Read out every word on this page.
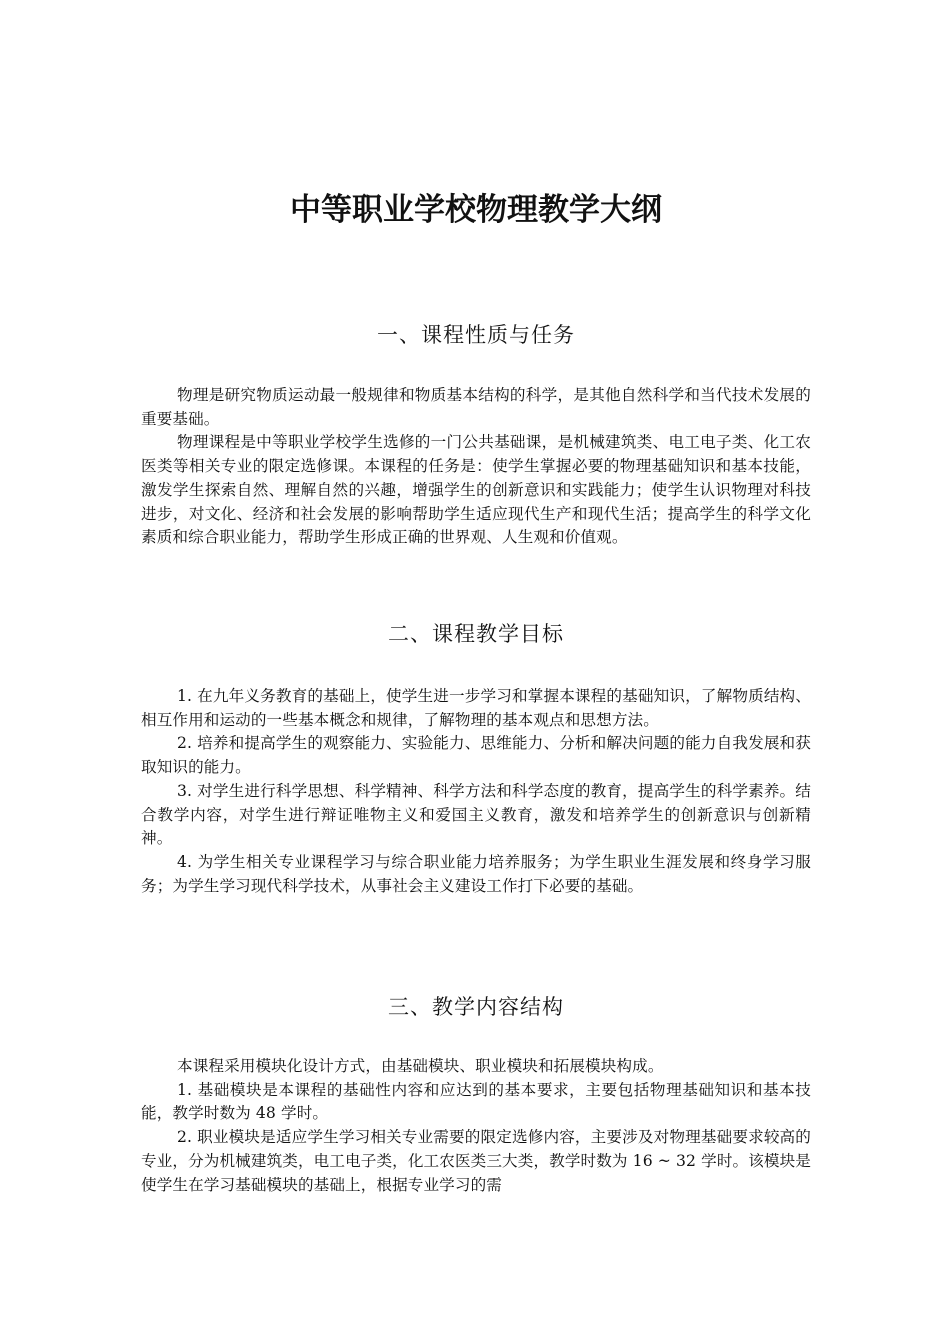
中等职业学校物理教学大纲
一、课程性质与任务

物理是研究物质运动最一般规律和物质基本结构的科学，是其他自然科学和当代技术发展的重要基础。

物理课程是中等职业学校学生选修的一门公共基础课，是机械建筑类、电工电子类、化工农医类等相关专业的限定选修课。本课程的任务是：使学生掌握必要的物理基础知识和基本技能，激发学生探索自然、理解自然的兴趣，增强学生的创新意识和实践能力；使学生认识物理对科技进步，对文化、经济和社会发展的影响帮助学生适应现代生产和现代生活；提高学生的科学文化素质和综合职业能力，帮助学生形成正确的世界观、人生观和价值观。

二、课程教学目标

1. 在九年义务教育的基础上，使学生进一步学习和掌握本课程的基础知识，了解物质结构、相互作用和运动的一些基本概念和规律，了解物理的基本观点和思想方法。

2. 培养和提高学生的观察能力、实验能力、思维能力、分析和解决问题的能力自我发展和获取知识的能力。

3. 对学生进行科学思想、科学精神、科学方法和科学态度的教育，提高学生的科学素养。结合教学内容，对学生进行辩证唯物主义和爱国主义教育，激发和培养学生的创新意识与创新精神。

4. 为学生相关专业课程学习与综合职业能力培养服务；为学生职业生涯发展和终身学习服务；为学生学习现代科学技术，从事社会主义建设工作打下必要的基础。

三、教学内容结构

本课程采用模块化设计方式，由基础模块、职业模块和拓展模块构成。

1. 基础模块是本课程的基础性内容和应达到的基本要求，主要包括物理基础知识和基本技能，教学时数为 48 学时。

2. 职业模块是适应学生学习相关专业需要的限定选修内容，主要涉及对物理基础要求较高的专业，分为机械建筑类，电工电子类，化工农医类三大类，教学时数为 16 ~ 32 学时。该模块是使学生在学习基础模块的基础上，根据专业学习的需
